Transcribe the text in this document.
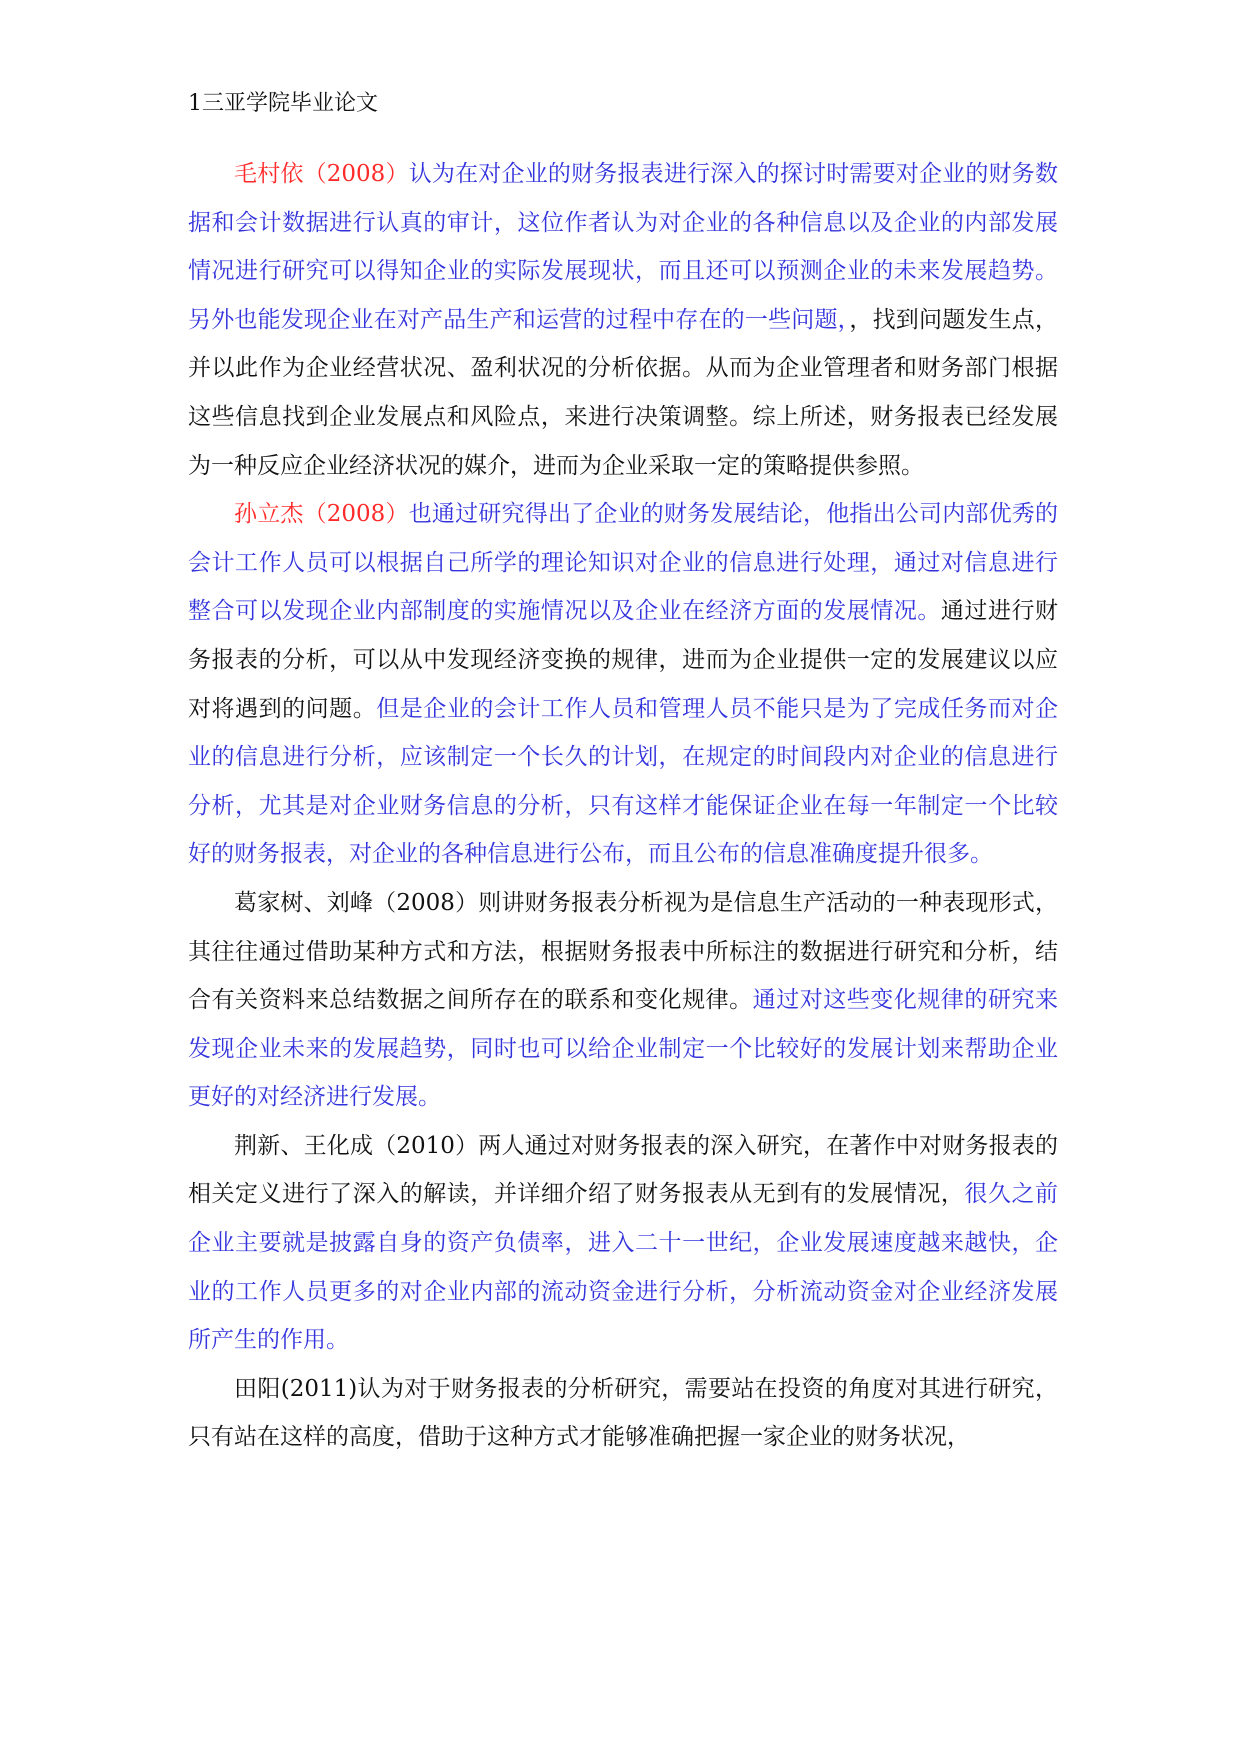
1三亚学院毕业论文

毛村依（2008）认为在对企业的财务报表进行深入的探讨时需要对企业的财务数据和会计数据进行认真的审计，这位作者认为对企业的各种信息以及企业的内部发展情况进行研究可以得知企业的实际发展现状，而且还可以预测企业的未来发展趋势。另外也能发现企业在对产品生产和运营的过程中存在的一些问题，，找到问题发生点，并以此作为企业经营状况、盈利状况的分析依据。从而为企业管理者和财务部门根据这些信息找到企业发展点和风险点，来进行决策调整。综上所述，财务报表已经发展为一种反应企业经济状况的媒介，进而为企业采取一定的策略提供参照。

孙立杰（2008）也通过研究得出了企业的财务发展结论，他指出公司内部优秀的会计工作人员可以根据自己所学的理论知识对企业的信息进行处理，通过对信息进行整合可以发现企业内部制度的实施情况以及企业在经济方面的发展情况。通过进行财务报表的分析，可以从中发现经济变换的规律，进而为企业提供一定的发展建议以应对将遇到的问题。但是企业的会计工作人员和管理人员不能只是为了完成任务而对企业的信息进行分析，应该制定一个长久的计划，在规定的时间段内对企业的信息进行分析，尤其是对企业财务信息的分析，只有这样才能保证企业在每一年制定一个比较好的财务报表，对企业的各种信息进行公布，而且公布的信息准确度提升很多。

葛家树、刘峰（2008）则讲财务报表分析视为是信息生产活动的一种表现形式，其往往通过借助某种方式和方法，根据财务报表中所标注的数据进行研究和分析，结合有关资料来总结数据之间所存在的联系和变化规律。通过对这些变化规律的研究来发现企业未来的发展趋势，同时也可以给企业制定一个比较好的发展计划来帮助企业更好的对经济进行发展。

荆新、王化成（2010）两人通过对财务报表的深入研究，在著作中对财务报表的相关定义进行了深入的解读，并详细介绍了财务报表从无到有的发展情况，很久之前企业主要就是披露自身的资产负债率，进入二十一世纪，企业发展速度越来越快，企业的工作人员更多的对企业内部的流动资金进行分析，分析流动资金对企业经济发展所产生的作用。

田阳(2011)认为对于财务报表的分析研究，需要站在投资的角度对其进行研究，只有站在这样的高度，借助于这种方式才能够准确把握一家企业的财务状况，
